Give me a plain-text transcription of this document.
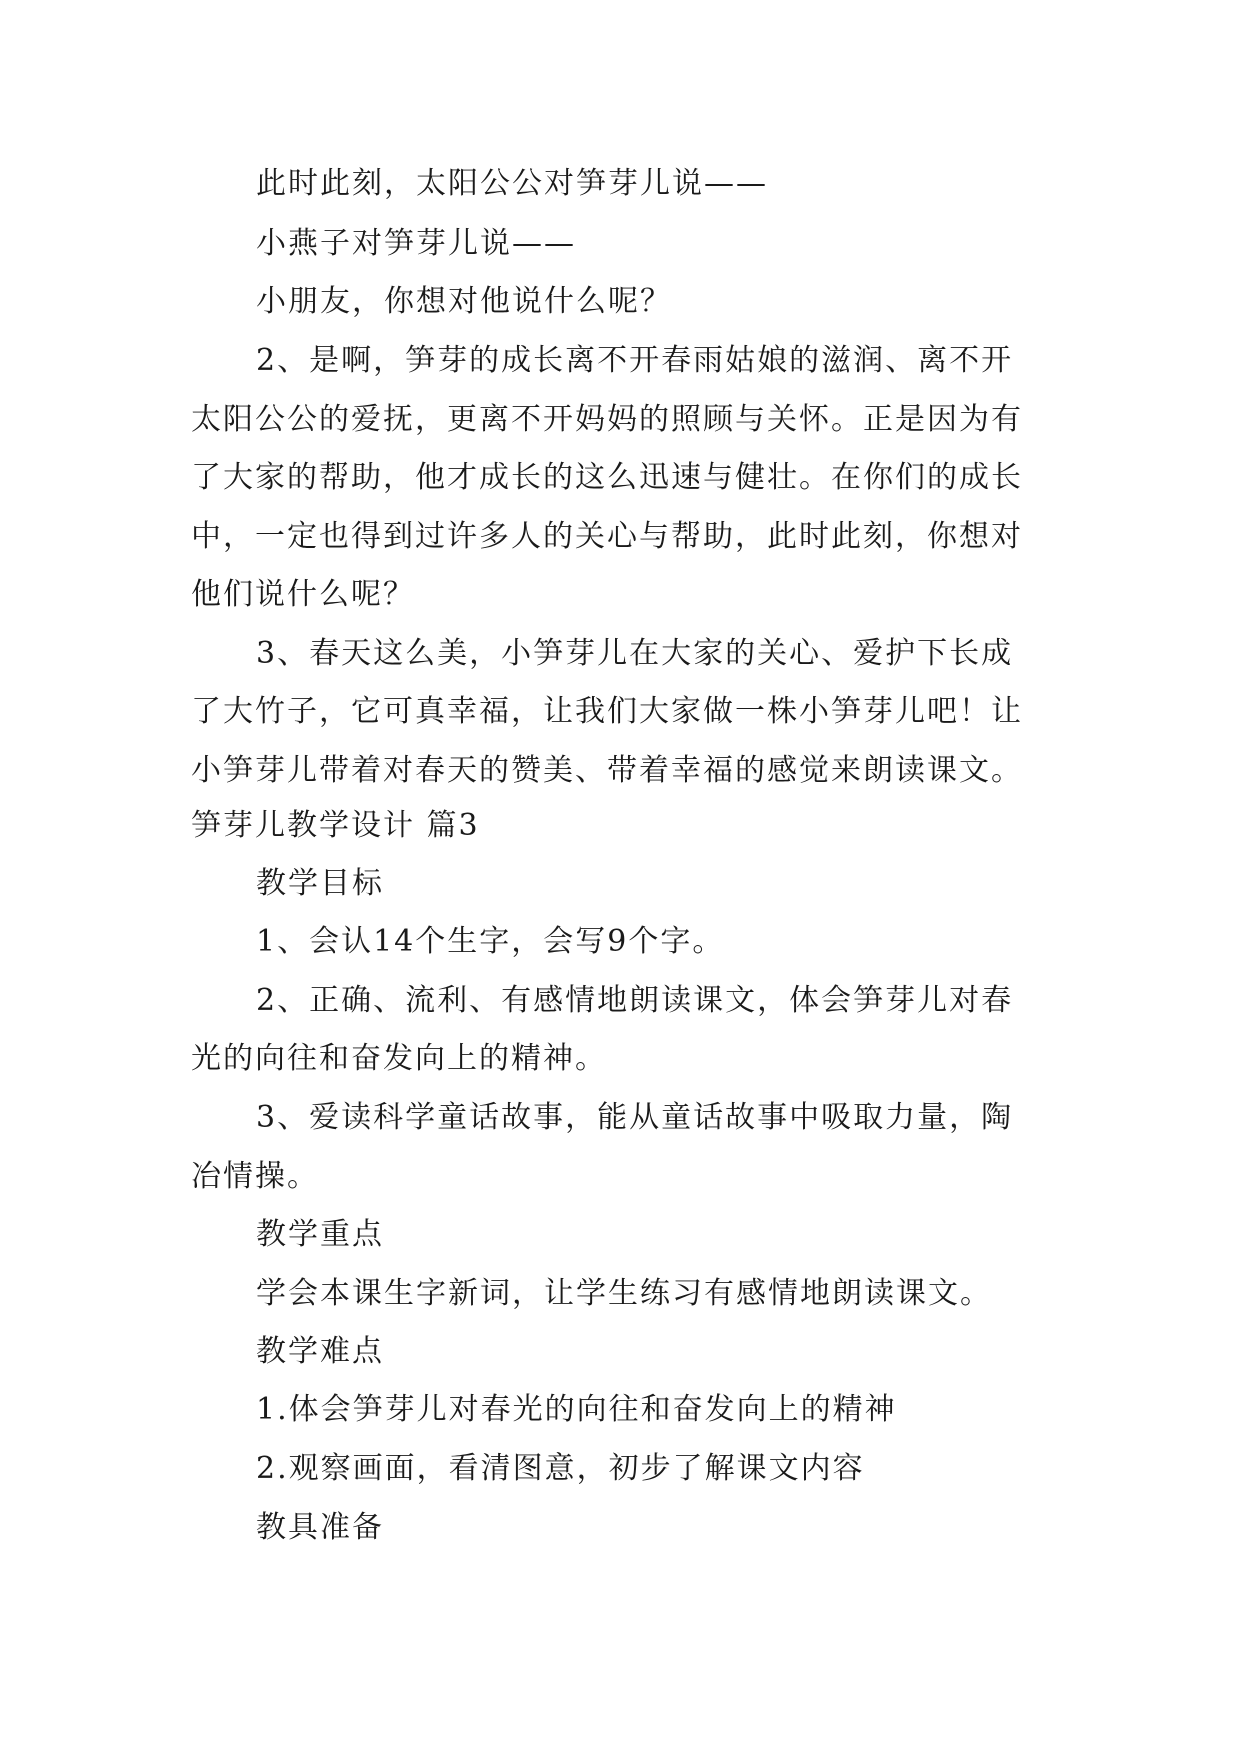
此时此刻，太阳公公对笋芽儿说——
小燕子对笋芽儿说——
小朋友，你想对他说什么呢？
2、是啊，笋芽的成长离不开春雨姑娘的滋润、离不开
太阳公公的爱抚，更离不开妈妈的照顾与关怀。正是因为有
了大家的帮助，他才成长的这么迅速与健壮。在你们的成长
中，一定也得到过许多人的关心与帮助，此时此刻，你想对
他们说什么呢？
3、春天这么美，小笋芽儿在大家的关心、爱护下长成
了大竹子，它可真幸福，让我们大家做一株小笋芽儿吧！让
小笋芽儿带着对春天的赞美、带着幸福的感觉来朗读课文。
笋芽儿教学设计 篇3
教学目标
1、会认14个生字，会写9个字。
2、正确、流利、有感情地朗读课文，体会笋芽儿对春
光的向往和奋发向上的精神。
3、爱读科学童话故事，能从童话故事中吸取力量，陶
冶情操。
教学重点
学会本课生字新词，让学生练习有感情地朗读课文。
教学难点
1.体会笋芽儿对春光的向往和奋发向上的精神
2.观察画面，看清图意，初步了解课文内容
教具准备
